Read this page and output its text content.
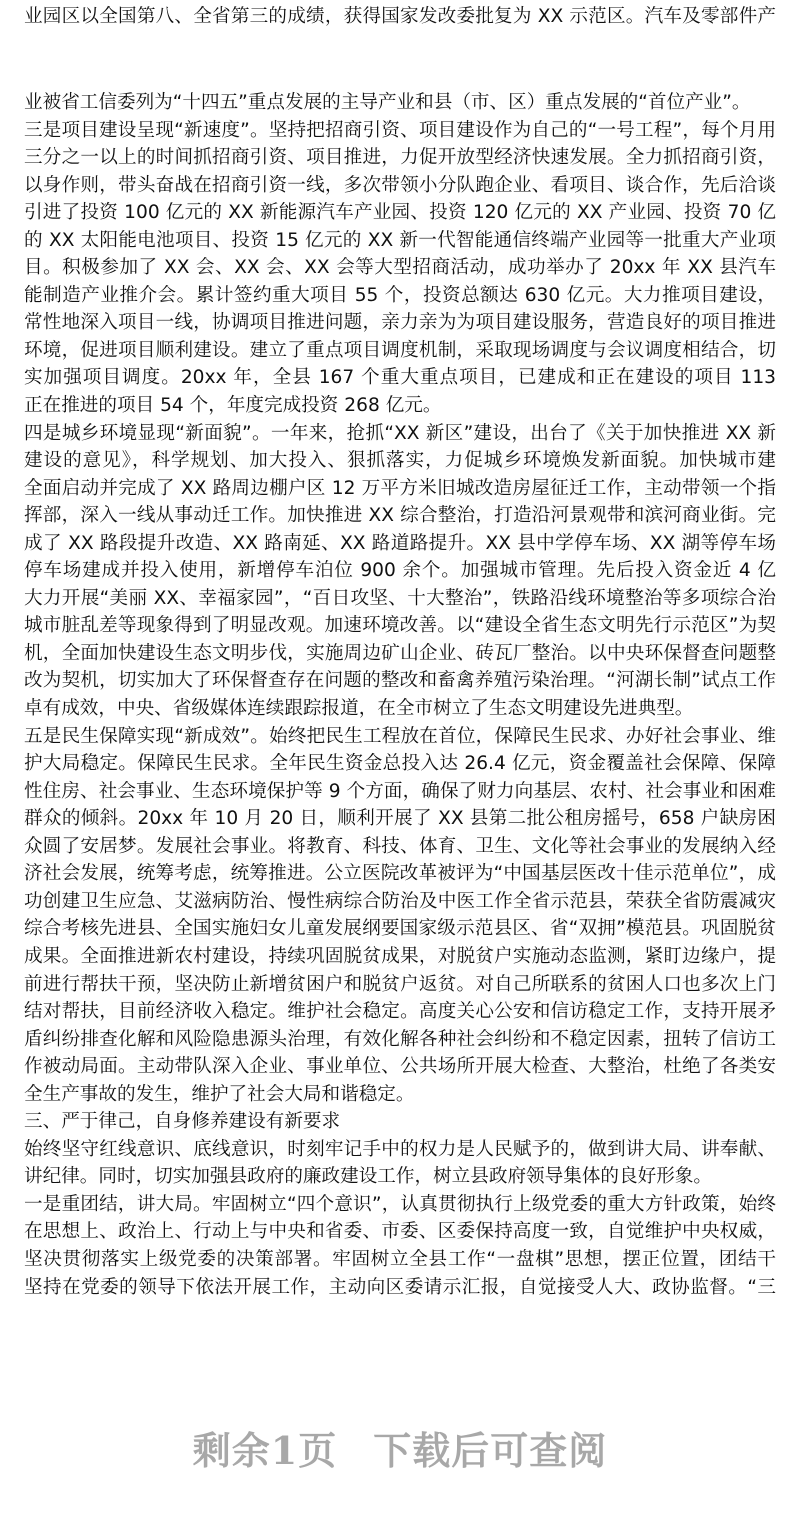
业园区以全国第八、全省第三的成绩，获得国家发改委批复为 XX 示范区。汽车及零部件产
业被省工信委列为“十四五”重点发展的主导产业和县（市、区）重点发展的“首位产业”。
三是项目建设呈现“新速度”。坚持把招商引资、项目建设作为自己的“一号工程”，每个月用
三分之一以上的时间抓招商引资、项目推进，力促开放型经济快速发展。全力抓招商引资，
以身作则，带头奋战在招商引资一线，多次带领小分队跑企业、看项目、谈合作，先后洽谈
引进了投资 100 亿元的 XX 新能源汽车产业园、投资 120 亿元的 XX 产业园、投资 70 亿
的 XX 太阳能电池项目、投资 15 亿元的 XX 新一代智能通信终端产业园等一批重大产业项
目。积极参加了 XX 会、XX 会、XX 会等大型招商活动，成功举办了 20xx 年 XX 县汽车
能制造产业推介会。累计签约重大项目 55 个，投资总额达 630 亿元。大力推项目建设，
常性地深入项目一线，协调项目推进问题，亲力亲为为项目建设服务，营造良好的项目推进
环境，促进项目顺利建设。建立了重点项目调度机制，采取现场调度与会议调度相结合，切
实加强项目调度。20xx 年，全县 167 个重大重点项目，已建成和正在建设的项目 113
正在推进的项目 54 个，年度完成投资 268 亿元。
四是城乡环境显现“新面貌”。一年来，抢抓“XX 新区”建设，出台了《关于加快推进 XX 新
建设的意见》，科学规划、加大投入、狠抓落实，力促城乡环境焕发新面貌。加快城市建
全面启动并完成了 XX 路周边棚户区 12 万平方米旧城改造房屋征迁工作，主动带领一个指
挥部，深入一线从事动迁工作。加快推进 XX 综合整治，打造沿河景观带和滨河商业街。完
成了 XX 路段提升改造、XX 路南延、XX 路道路提升。XX 县中学停车场、XX 湖等停车场
停车场建成并投入使用，新增停车泊位 900 余个。加强城市管理。先后投入资金近 4 亿
大力开展“美丽 XX、幸福家园”，“百日攻坚、十大整治”，铁路沿线环境整治等多项综合治
城市脏乱差等现象得到了明显改观。加速环境改善。以“建设全省生态文明先行示范区”为契
机，全面加快建设生态文明步伐，实施周边矿山企业、砖瓦厂整治。以中央环保督查问题整
改为契机，切实加大了环保督查存在问题的整改和畜禽养殖污染治理。“河湖长制”试点工作
卓有成效，中央、省级媒体连续跟踪报道，在全市树立了生态文明建设先进典型。
五是民生保障实现“新成效”。始终把民生工程放在首位，保障民生民求、办好社会事业、维
护大局稳定。保障民生民求。全年民生资金总投入达 26.4 亿元，资金覆盖社会保障、保障
性住房、社会事业、生态环境保护等 9 个方面，确保了财力向基层、农村、社会事业和困难
群众的倾斜。20xx 年 10 月 20 日，顺利开展了 XX 县第二批公租房摇号，658 户缺房困
众圆了安居梦。发展社会事业。将教育、科技、体育、卫生、文化等社会事业的发展纳入经
济社会发展，统筹考虑，统筹推进。公立医院改革被评为“中国基层医改十佳示范单位”，成
功创建卫生应急、艾滋病防治、慢性病综合防治及中医工作全省示范县，荣获全省防震减灾
综合考核先进县、全国实施妇女儿童发展纲要国家级示范县区、省“双拥”模范县。巩固脱贫
成果。全面推进新农村建设，持续巩固脱贫成果，对脱贫户实施动态监测，紧盯边缘户，提
前进行帮扶干预，坚决防止新增贫困户和脱贫户返贫。对自己所联系的贫困人口也多次上门
结对帮扶，目前经济收入稳定。维护社会稳定。高度关心公安和信访稳定工作，支持开展矛
盾纠纷排查化解和风险隐患源头治理，有效化解各种社会纠纷和不稳定因素，扭转了信访工
作被动局面。主动带队深入企业、事业单位、公共场所开展大检查、大整治，杜绝了各类安
全生产事故的发生，维护了社会大局和谐稳定。
三、严于律己，自身修养建设有新要求
始终坚守红线意识、底线意识，时刻牢记手中的权力是人民赋予的，做到讲大局、讲奉献、
讲纪律。同时，切实加强县政府的廉政建设工作，树立县政府领导集体的良好形象。
一是重团结，讲大局。牢固树立“四个意识”，认真贯彻执行上级党委的重大方针政策，始终
在思想上、政治上、行动上与中央和省委、市委、区委保持高度一致，自觉维护中央权威，
坚决贯彻落实上级党委的决策部署。牢固树立全县工作“一盘棋”思想，摆正位置，团结干
坚持在党委的领导下依法开展工作，主动向区委请示汇报，自觉接受人大、政协监督。“三
剩余1页 下载后可查阅
